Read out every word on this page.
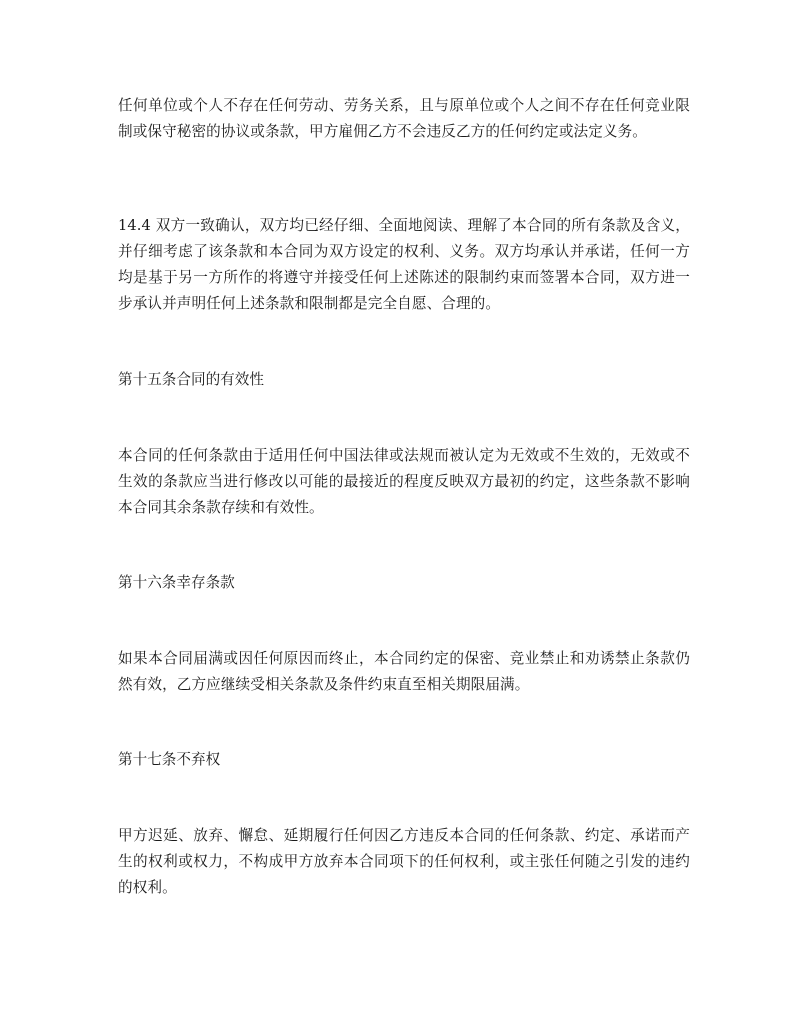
任何单位或个人不存在任何劳动、劳务关系，且与原单位或个人之间不存在任何竞业限制或保守秘密的协议或条款，甲方雇佣乙方不会违反乙方的任何约定或法定义务。

14.4 双方一致确认，双方均已经仔细、全面地阅读、理解了本合同的所有条款及含义，并仔细考虑了该条款和本合同为双方设定的权利、义务。双方均承认并承诺，任何一方均是基于另一方所作的将遵守并接受任何上述陈述的限制约束而签署本合同，双方进一步承认并声明任何上述条款和限制都是完全自愿、合理的。

第十五条合同的有效性

本合同的任何条款由于适用任何中国法律或法规而被认定为无效或不生效的，无效或不生效的条款应当进行修改以可能的最接近的程度反映双方最初的约定，这些条款不影响本合同其余条款存续和有效性。

第十六条幸存条款

如果本合同届满或因任何原因而终止，本合同约定的保密、竞业禁止和劝诱禁止条款仍然有效，乙方应继续受相关条款及条件约束直至相关期限届满。

第十七条不弃权

甲方迟延、放弃、懈怠、延期履行任何因乙方违反本合同的任何条款、约定、承诺而产生的权利或权力，不构成甲方放弃本合同项下的任何权利，或主张任何随之引发的违约的权利。
